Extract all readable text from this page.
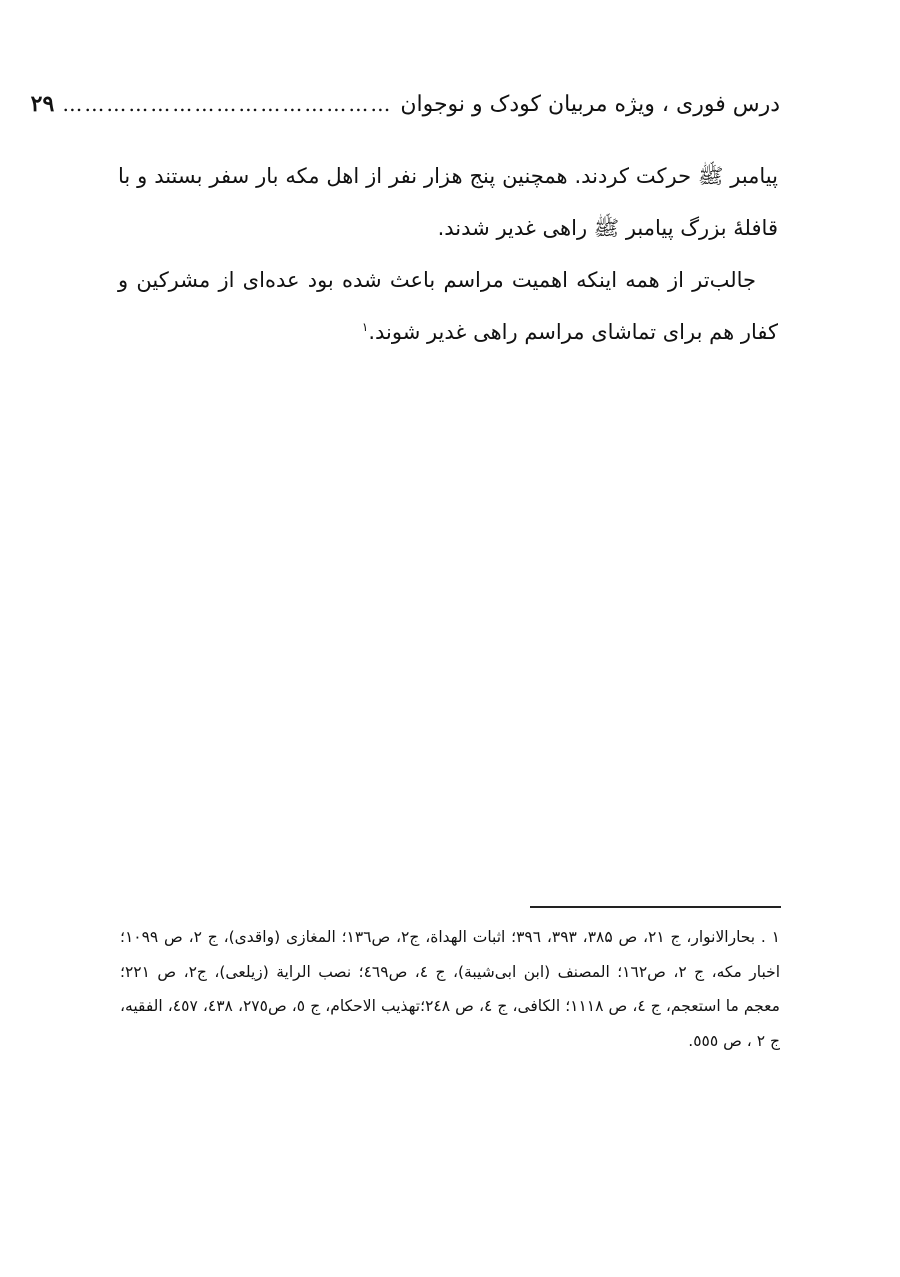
درس فوری ، ویژه مربیان کودک و نوجوان
………………………………………
۲۹

پیامبر ﷺ حرکت کردند. همچنین پنج هزار نفر از اهل مکه بار سفر بستند و با قافلۀ بزرگ پیامبر ﷺ راهی غدیر شدند.

جالب‌تر از همه اینکه اهمیت مراسم باعث شده بود عده‌ای از مشرکین و کفار هم برای تماشای مراسم راهی غدیر شوند.$^۱$

۱ . بحارالانوار، ج ۲۱، ص ۳۸۵، ۳۹۳، ۳۹٦؛ اثبات الهداة، ج۲، ص۱۳٦؛ المغازی (واقدی)، ج ۲، ص ۱۰۹۹؛ اخبار مکه، ج ۲، ص۱٦۲؛ المصنف (ابن ابی‌شیبة)، ج ٤، ص٤٦۹؛ نصب الرایة (زیلعی)، ج۲، ص ۲۲۱؛ معجم ما استعجم، ج ٤، ص ۱۱۱۸؛ الکافی، ج ٤، ص ۲٤۸؛تهذیب الاحکام، ج ٥، ص۲۷٥، ٤۳۸، ٤٥۷، الفقیه، ج ۲ ، ص ٥٥٥.
